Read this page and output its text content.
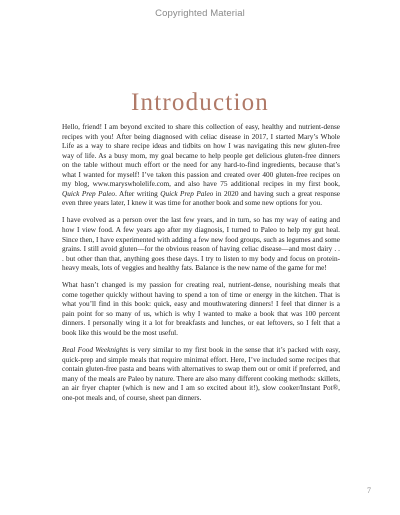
Copyrighted Material
Introduction

Hello, friend! I am beyond excited to share this collection of easy, healthy and nutrient-dense recipes with you! After being diagnosed with celiac disease in 2017, I started Mary’s Whole Life as a way to share recipe ideas and tidbits on how I was navigating this new gluten-free way of life. As a busy mom, my goal became to help people get delicious gluten-free dinners on the table without much effort or the need for any hard-to-find ingredients, because that’s what I wanted for myself! I’ve taken this passion and created over 400 gluten-free recipes on my blog, www.maryswholelife.com, and also have 75 additional recipes in my first book, Quick Prep Paleo. After writing Quick Prep Paleo in 2020 and having such a great response even three years later, I knew it was time for another book and some new options for you.

I have evolved as a person over the last few years, and in turn, so has my way of eating and how I view food. A few years ago after my diagnosis, I turned to Paleo to help my gut heal. Since then, I have experimented with adding a few new food groups, such as legumes and some grains. I still avoid gluten—for the obvious reason of having celiac disease—and most dairy . . . but other than that, anything goes these days. I try to listen to my body and focus on protein-heavy meals, lots of veggies and healthy fats. Balance is the new name of the game for me!

What hasn’t changed is my passion for creating real, nutrient-dense, nourishing meals that come together quickly without having to spend a ton of time or energy in the kitchen. That is what you’ll find in this book: quick, easy and mouthwatering dinners! I feel that dinner is a pain point for so many of us, which is why I wanted to make a book that was 100 percent dinners. I personally wing it a lot for breakfasts and lunches, or eat leftovers, so I felt that a book like this would be the most useful.

Real Food Weeknights is very similar to my first book in the sense that it’s packed with easy, quick-prep and simple meals that require minimal effort. Here, I’ve included some recipes that contain gluten-free pasta and beans with alternatives to swap them out or omit if preferred, and many of the meals are Paleo by nature. There are also many different cooking methods: skillets, an air fryer chapter (which is new and I am so excited about it!), slow cooker/Instant Pot®, one-pot meals and, of course, sheet pan dinners.

7
